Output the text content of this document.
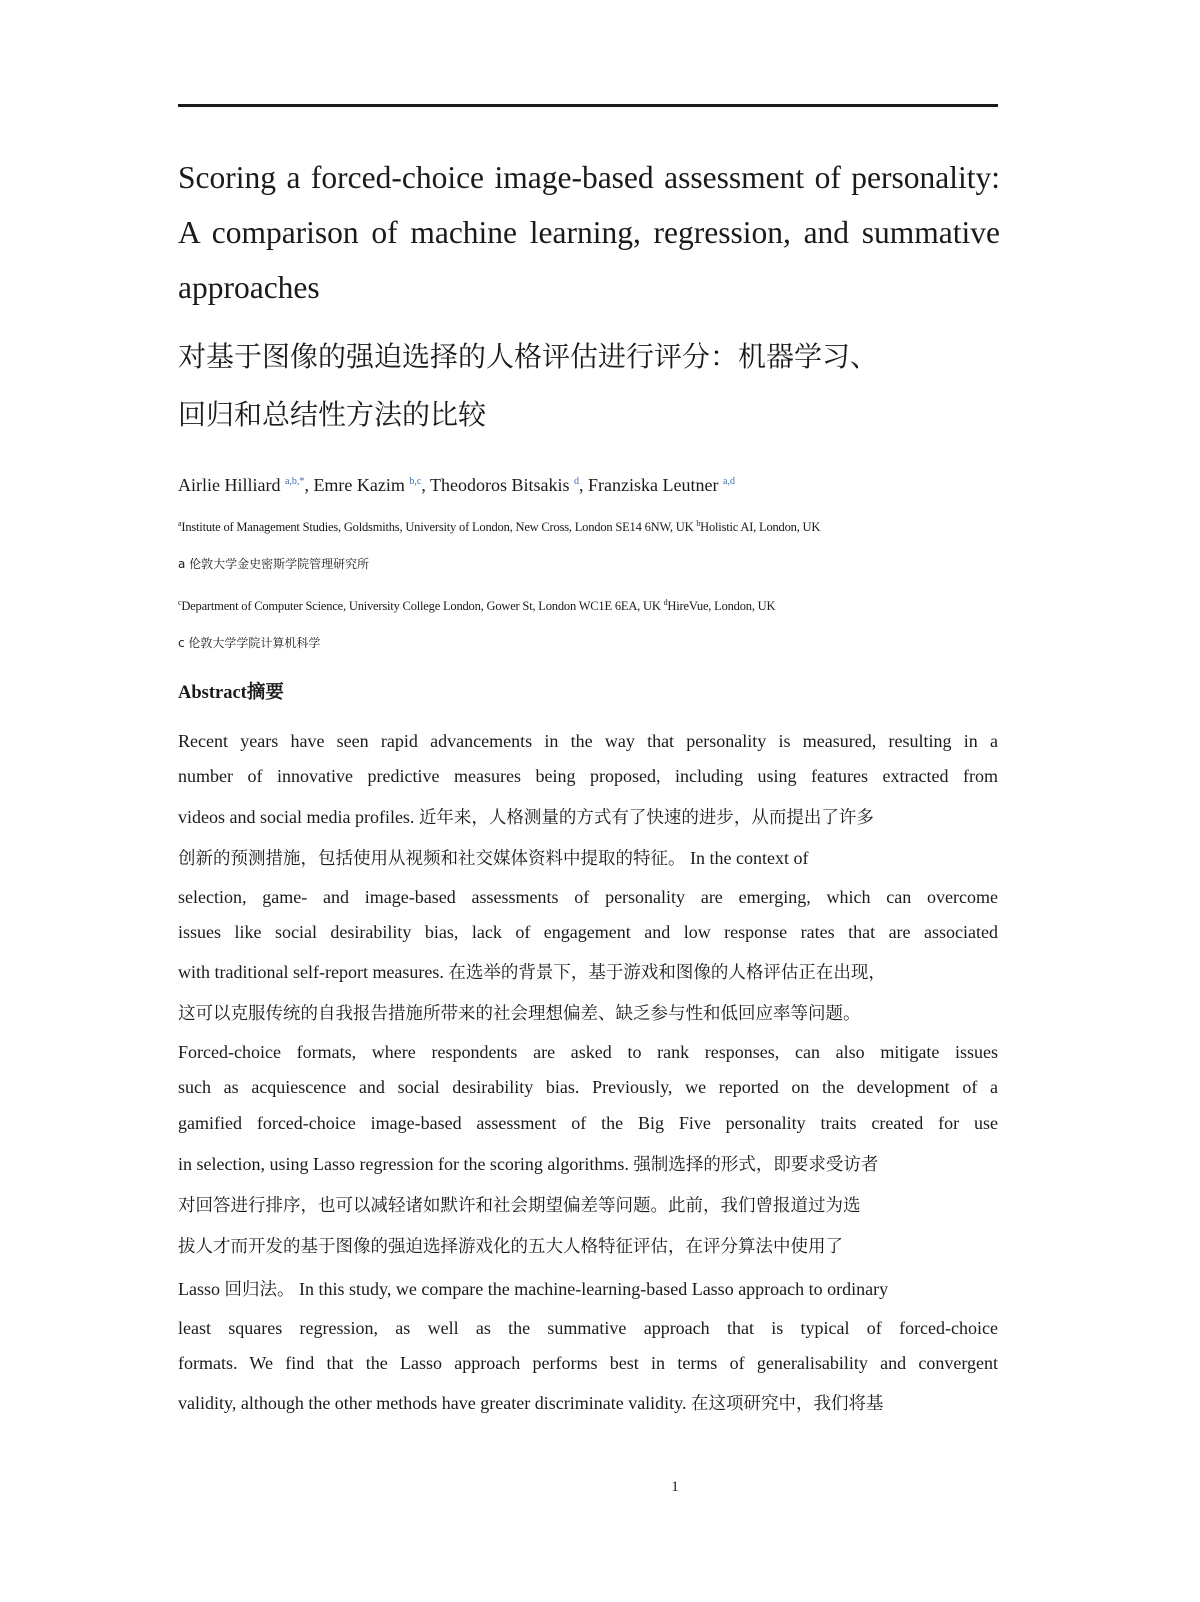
Scoring a forced-choice image-based assessment of personality: A comparison of machine learning, regression, and summative approaches
对基于图像的强迫选择的人格评估进行评分：机器学习、
回归和总结性方法的比较
Airlie Hilliard $^{a,b,*}$, Emre Kazim $^{b,c}$, Theodoros Bitsakis $^d$, Franziska Leutner $^{a,d}$
$^a$Institute of Management Studies, Goldsmiths, University of London, New Cross, London SE14 6NW, UK $^b$Holistic AI, London, UK
a 伦敦大学金史密斯学院管理研究所
$^c$Department of Computer Science, University College London, Gower St, London WC1E 6EA, UK $^d$HireVue, London, UK
c 伦敦大学学院计算机科学
Abstract摘要
Recent years have seen rapid advancements in the way that personality is measured, resulting in a
number of innovative predictive measures being proposed, including using features extracted from
videos and social media profiles. 近年来，人格测量的方式有了快速的进步，从而提出了许多
创新的预测措施，包括使用从视频和社交媒体资料中提取的特征。 In the context of
selection, game- and image-based assessments of personality are emerging, which can overcome
issues like social desirability bias, lack of engagement and low response rates that are associated
with traditional self-report measures. 在选举的背景下，基于游戏和图像的人格评估正在出现，
这可以克服传统的自我报告措施所带来的社会理想偏差、缺乏参与性和低回应率等问题。
Forced-choice formats, where respondents are asked to rank responses, can also mitigate issues
such as acquiescence and social desirability bias. Previously, we reported on the development of a
gamified forced-choice image-based assessment of the Big Five personality traits created for use
in selection, using Lasso regression for the scoring algorithms. 强制选择的形式，即要求受访者
对回答进行排序，也可以减轻诸如默许和社会期望偏差等问题。此前，我们曾报道过为选
拔人才而开发的基于图像的强迫选择游戏化的五大人格特征评估，在评分算法中使用了
Lasso 回归法。 In this study, we compare the machine-learning-based Lasso approach to ordinary
least squares regression, as well as the summative approach that is typical of forced-choice
formats. We find that the Lasso approach performs best in terms of generalisability and convergent
validity, although the other methods have greater discriminate validity. 在这项研究中，我们将基
1
